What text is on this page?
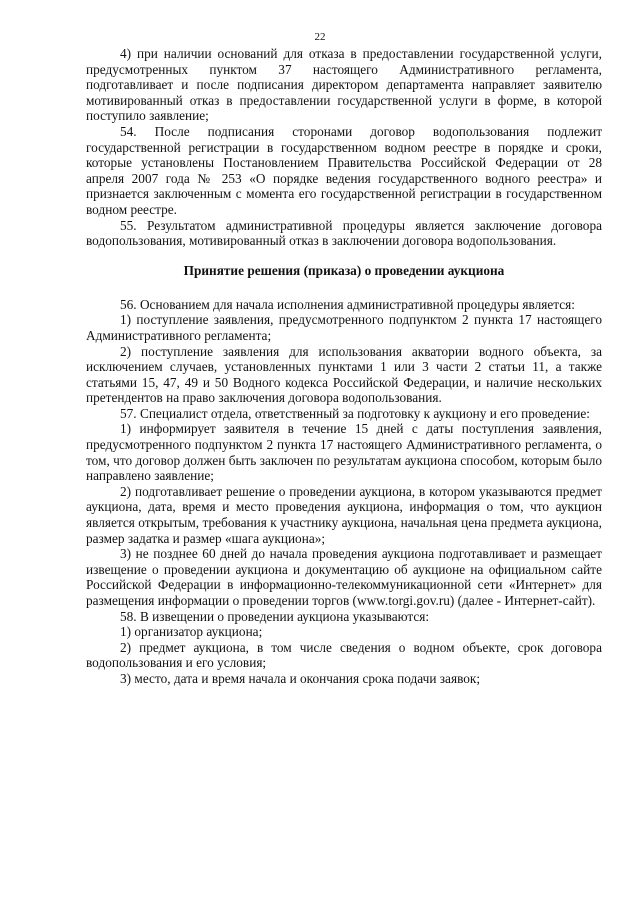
22

4) при наличии оснований для отказа в предоставлении государственной услуги, предусмотренных пунктом 37 настоящего Административного регламента, подготавливает и после подписания директором департамента направляет заявителю мотивированный отказ в предоставлении государственной услуги в форме, в которой поступило заявление;

54. После подписания сторонами договор водопользования подлежит государственной регистрации в государственном водном реестре в порядке и сроки, которые установлены Постановлением Правительства Российской Федерации от 28 апреля 2007 года № 253 «О порядке ведения государственного водного реестра» и признается заключенным с момента его государственной регистрации в государственном водном реестре.

55. Результатом административной процедуры является заключение договора водопользования, мотивированный отказ в заключении договора водопользования.

Принятие решения (приказа) о проведении аукциона

56. Основанием для начала исполнения административной процедуры является:

1) поступление заявления, предусмотренного подпунктом 2 пункта 17 настоящего Административного регламента;

2) поступление заявления для использования акватории водного объекта, за исключением случаев, установленных пунктами 1 или 3 части 2 статьи 11, а также статьями 15, 47, 49 и 50 Водного кодекса Российской Федерации, и наличие нескольких претендентов на право заключения договора водопользования.

57. Специалист отдела, ответственный за подготовку к аукциону и его проведение:

1) информирует заявителя в течение 15 дней с даты поступления заявления, предусмотренного подпунктом 2 пункта 17 настоящего Административного регламента, о том, что договор должен быть заключен по результатам аукциона способом, которым было направлено заявление;

2) подготавливает решение о проведении аукциона, в котором указываются предмет аукциона, дата, время и место проведения аукциона, информация о том, что аукцион является открытым, требования к участнику аукциона, начальная цена предмета аукциона, размер задатка и размер «шага аукциона»;

3) не позднее 60 дней до начала проведения аукциона подготавливает и размещает извещение о проведении аукциона и документацию об аукционе на официальном сайте Российской Федерации в информационно-телекоммуникационной сети «Интернет» для размещения информации о проведении торгов (www.torgi.gov.ru) (далее - Интернет-сайт).

58. В извещении о проведении аукциона указываются:

1) организатор аукциона;

2) предмет аукциона, в том числе сведения о водном объекте, срок договора водопользования и его условия;

3) место, дата и время начала и окончания срока подачи заявок;
